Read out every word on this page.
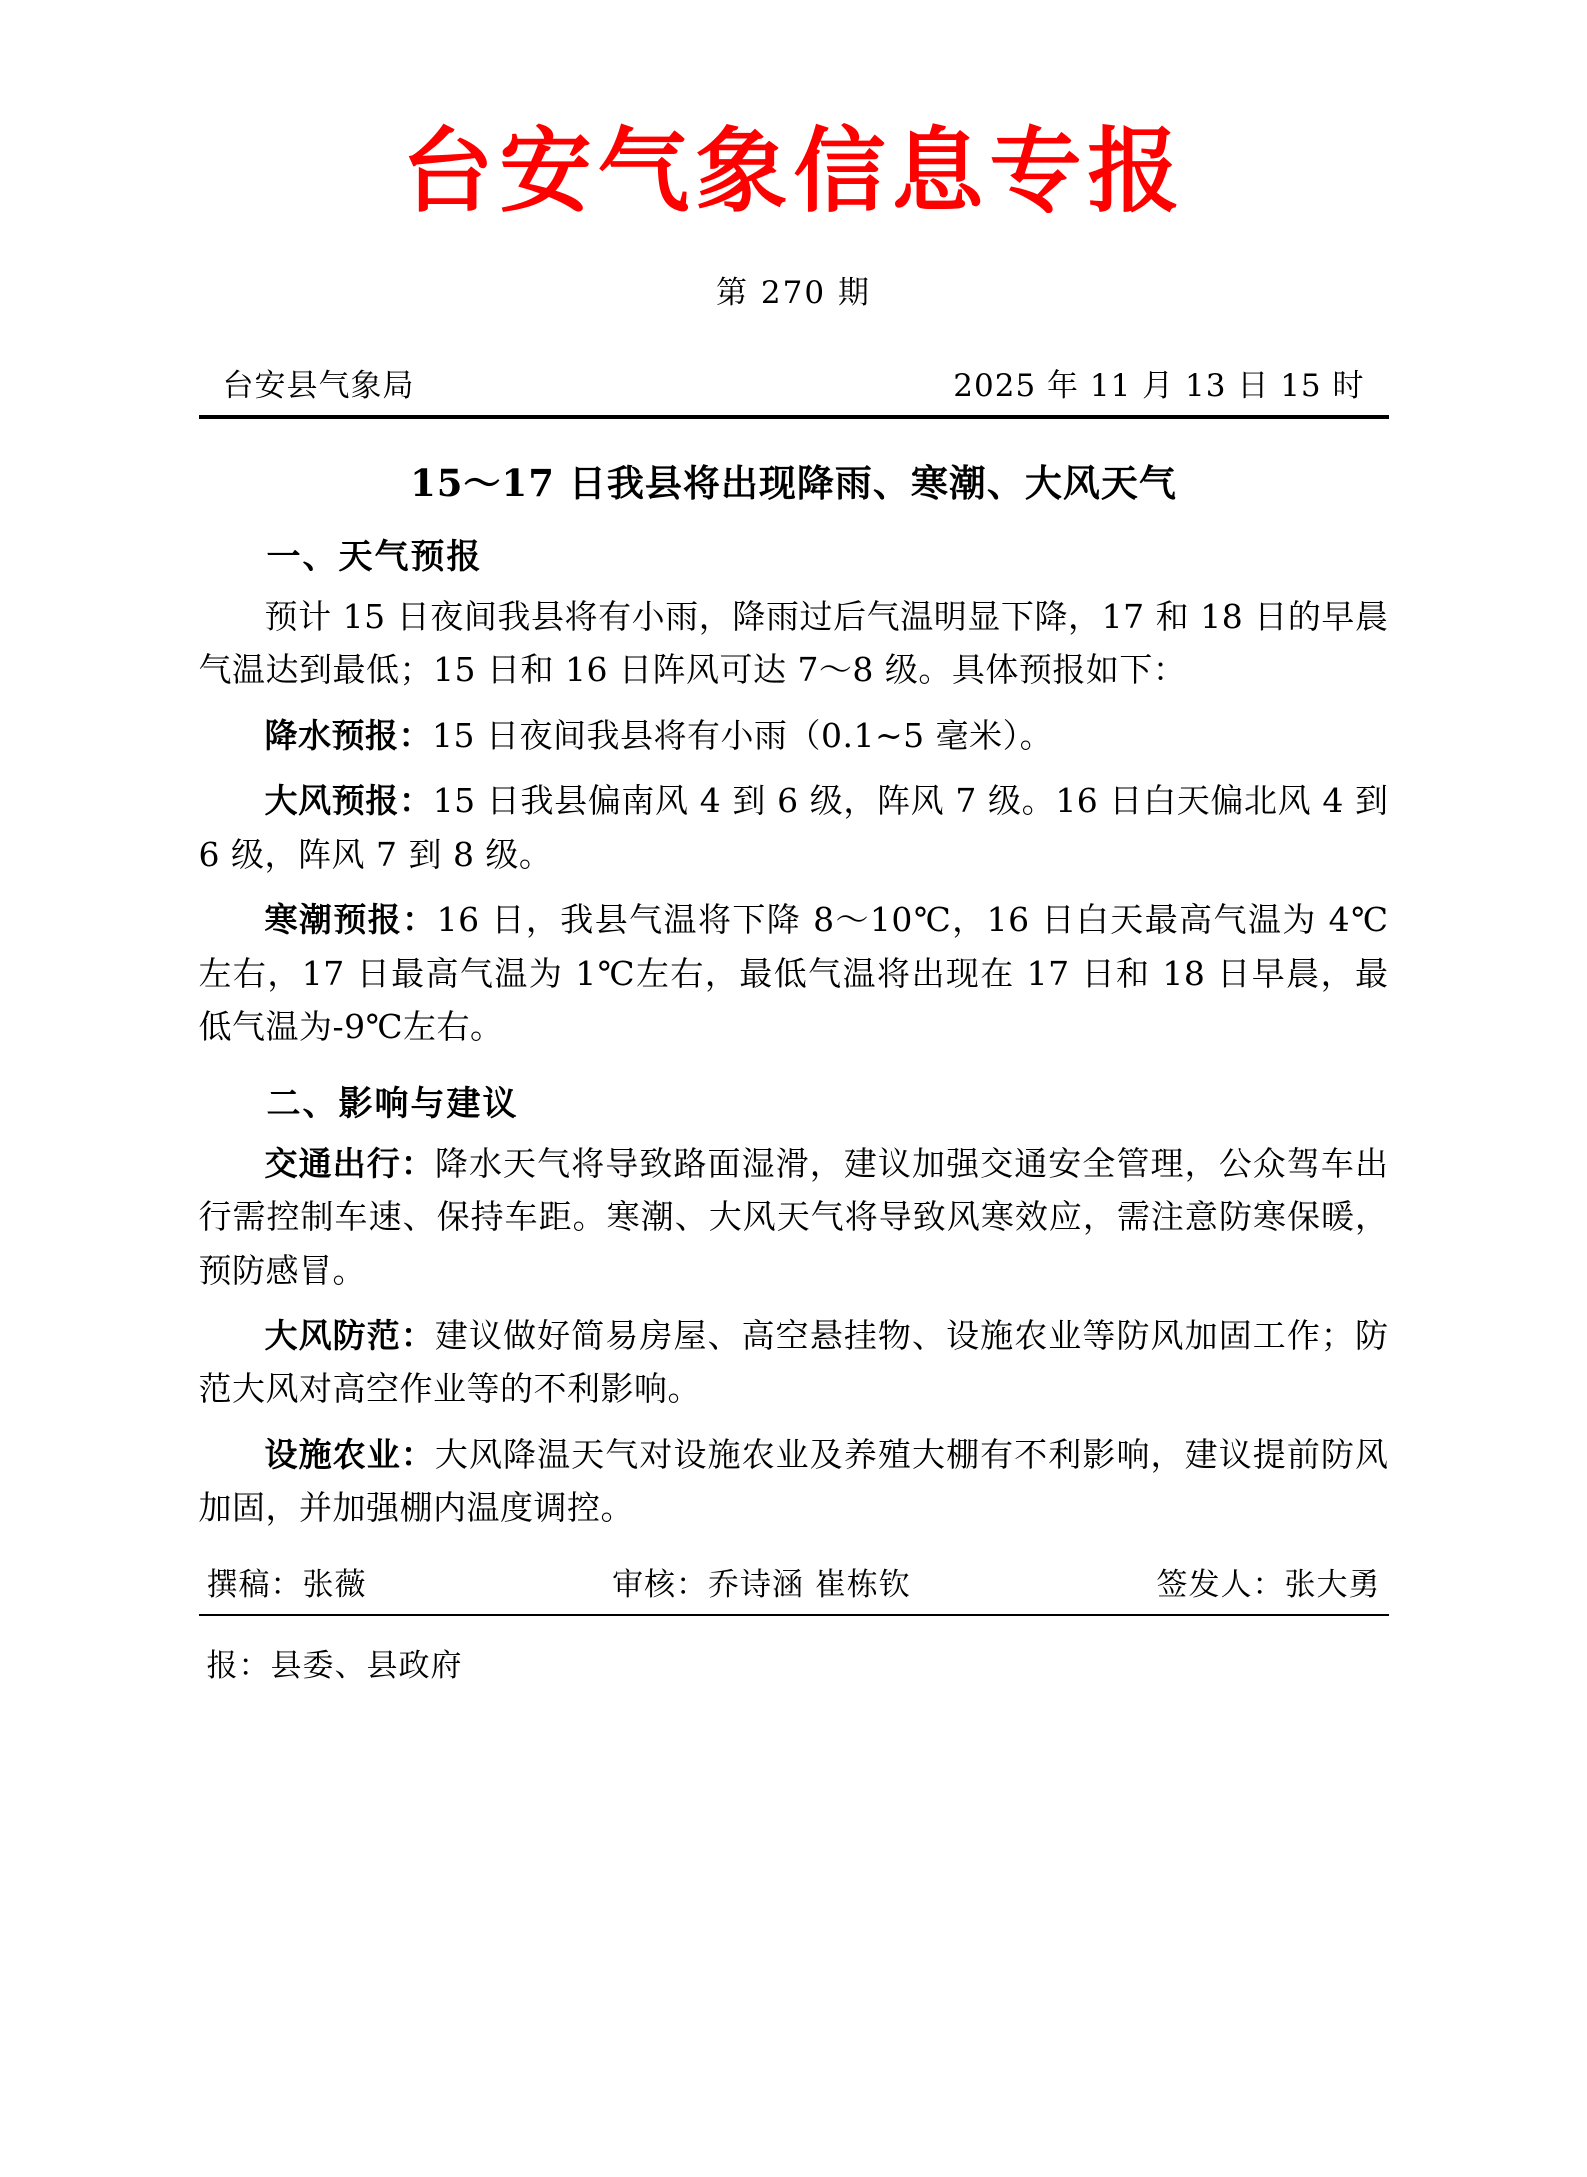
台安气象信息专报
第 270 期
台安县气象局	2025 年 11 月 13 日 15 时
15～17 日我县将出现降雨、寒潮、大风天气
一、天气预报

预计 15 日夜间我县将有小雨，降雨过后气温明显下降，17 和 18 日的早晨气温达到最低；15 日和 16 日阵风可达 7～8 级。具体预报如下：

降水预报：15 日夜间我县将有小雨（0.1~5 毫米）。

大风预报：15 日我县偏南风 4 到 6 级，阵风 7 级。16 日白天偏北风 4 到 6 级，阵风 7 到 8 级。

寒潮预报：16 日，我县气温将下降 8～10℃，16 日白天最高气温为 4℃左右，17 日最高气温为 1℃左右，最低气温将出现在 17 日和 18 日早晨，最低气温为-9℃左右。

二、影响与建议

交通出行：降水天气将导致路面湿滑，建议加强交通安全管理，公众驾车出行需控制车速、保持车距。寒潮、大风天气将导致风寒效应，需注意防寒保暖，预防感冒。

大风防范：建议做好简易房屋、高空悬挂物、设施农业等防风加固工作；防范大风对高空作业等的不利影响。

设施农业：大风降温天气对设施农业及养殖大棚有不利影响，建议提前防风加固，并加强棚内温度调控。

撰稿：张薇	审核：乔诗涵 崔栋钦	签发人：张大勇
报：县委、县政府
